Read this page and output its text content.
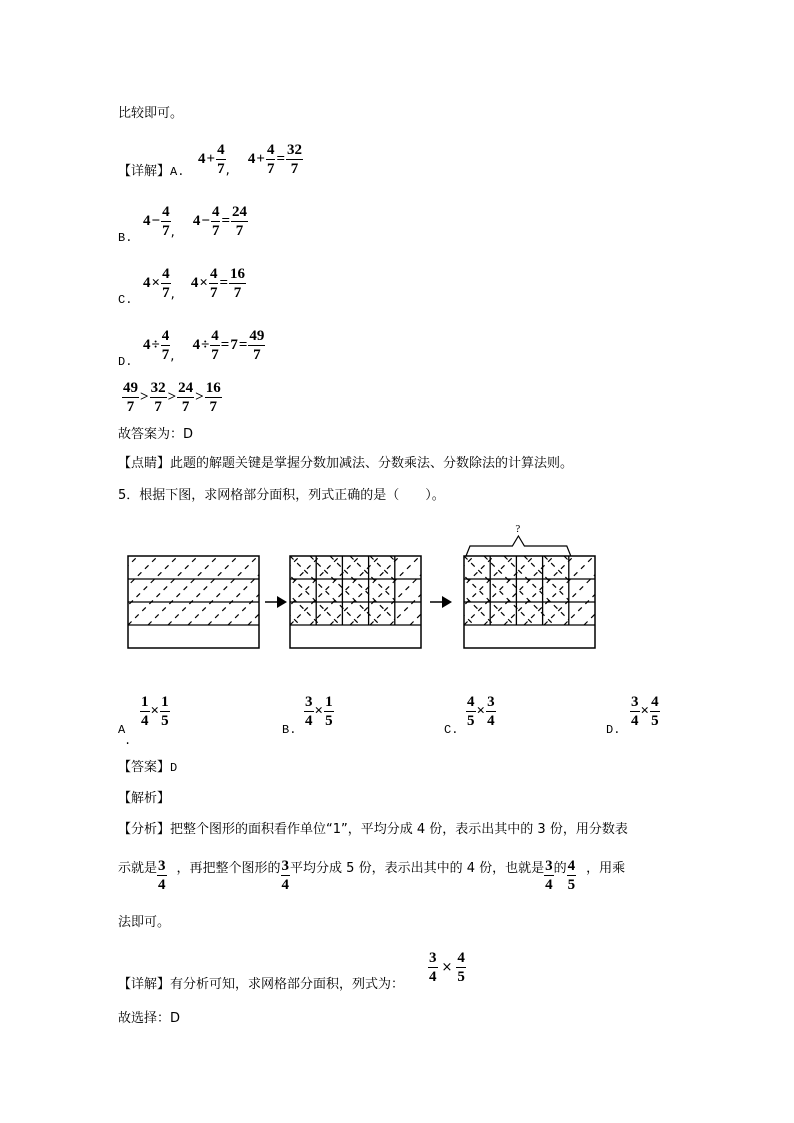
比较即可。
【详解】A.
$4+ \frac{4}{7} _,$  $4+ \frac{4}{7} = \frac{32}{7}$
B.
$4- \frac{4}{7} _,$  $4- \frac{4}{7} = \frac{24}{7}$
C.
$4\times \frac{4}{7} _,$  $4\times \frac{4}{7} = \frac{16}{7}$
D.
$4\div \frac{4}{7} _,$  $4\div \frac{4}{7} =7= \frac{49}{7}$
$\frac{49}{7} > \frac{32}{7} > \frac{24}{7} > \frac{16}{7}$
故答案为：D
【点睛】此题的解题关键是掌握分数加减法、分数乘法、分数除法的计算法则。
5．根据下图，求网格部分面积，列式正确的是（　　）。
?
A
.
$\frac{1}{4} \times \frac{1}{5}$
B.
$\frac{3}{4} \times \frac{1}{5}$
C.
$\frac{4}{5} \times \frac{3}{4}$
D.
$\frac{3}{4} \times \frac{4}{5}$
【答案】D
【解析】
【分析】把整个图形的面积看作单位“1”，平均分成 4 份，表示出其中的 3 份，用分数表
示就是 $\frac{3}{4}$ ，再把整个图形的 $\frac{3}{4}$ 平均分成 5 份，表示出其中的 4 份，也就是 $\frac{3}{4}$ 的 $\frac{4}{5}$ ，用乘
法即可。
【详解】有分析可知，求网格部分面积，列式为： $\frac{3}{4} \times \frac{4}{5}$
故选择：D
